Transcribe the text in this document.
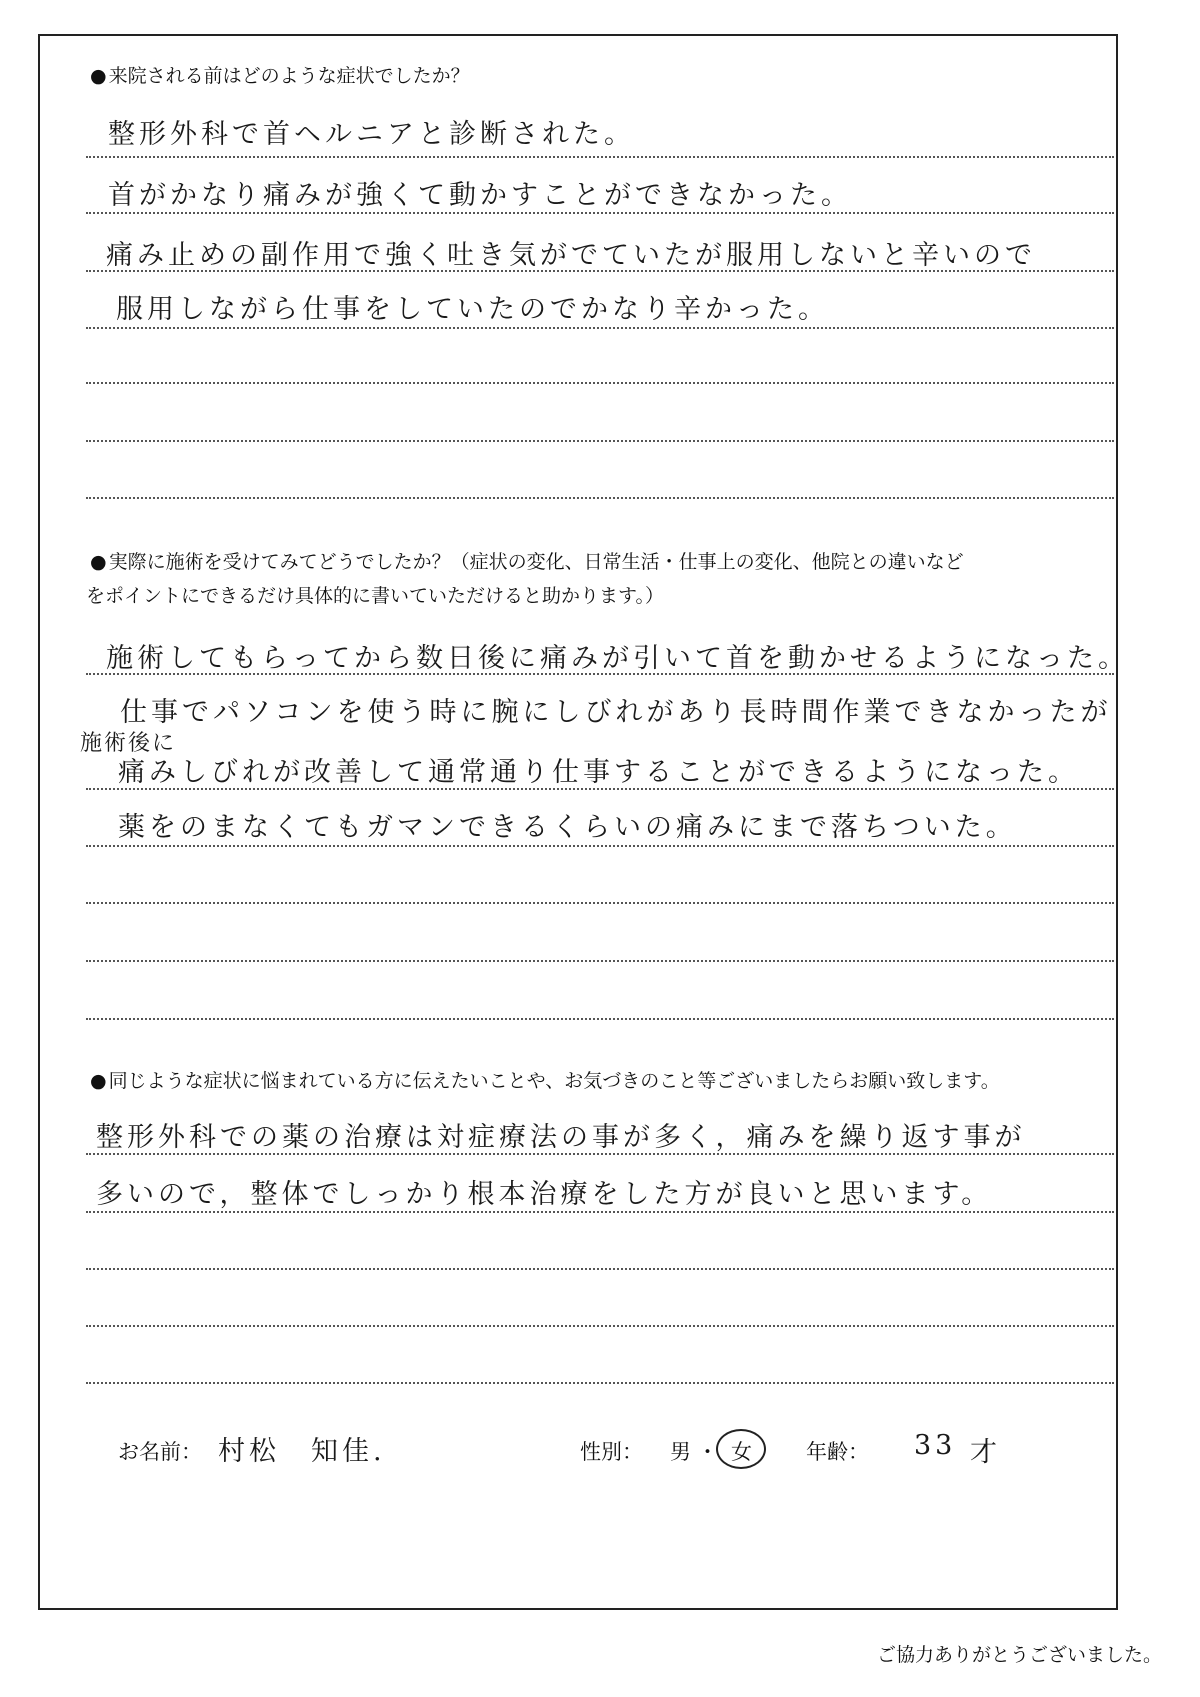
● 来院される前はどのような症状でしたか？
整形外科で首ヘルニアと診断された。
首がかなり痛みが強くて動かすことができなかった。
痛み止めの副作用で強く吐き気がでていたが服用しないと辛いので
服用しながら仕事をしていたのでかなり辛かった。
● 実際に施術を受けてみてどうでしたか？（症状の変化、日常生活・仕事上の変化、他院との違いなど
をポイントにできるだけ具体的に書いていただけると助かります。）
施術してもらってから数日後に痛みが引いて首を動かせるようになった。
仕事でパソコンを使う時に腕にしびれがあり長時間作業できなかったが
施術後に
痛みしびれが改善して通常通り仕事することができるようになった。
薬をのまなくてもガマンできるくらいの痛みにまで落ちついた。
● 同じような症状に悩まれている方に伝えたいことや、お気づきのこと等ございましたらお願い致します。
整形外科での薬の治療は対症療法の事が多く，痛みを繰り返す事が
多いので，整体でしっかり根本治療をした方が良いと思います。
お名前： 村松　知佳.	性別： 男 ・ 女	年齢： 33 才
ご協力ありがとうございました。
